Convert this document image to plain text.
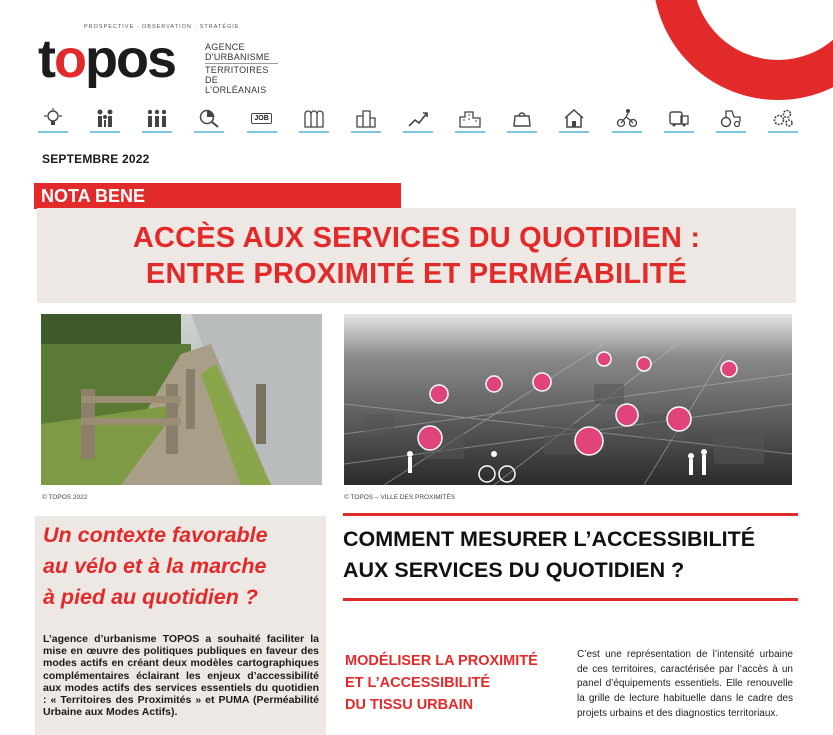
PROSPECTIVE · OBSERVATION · STRATÉGIE
topos	AGENCE
D'URBANISME
TERRITOIRES
DE L'ORLÉANAIS
JOB
SEPTEMBRE 2022
NOTA BENE
ACCÈS AUX SERVICES DU QUOTIDIEN :
ENTRE PROXIMITÉ ET PERMÉABILITÉ
© TOPOS 2022	© TOPOS – VILLE DES PROXIMITÉS
Un contexte favorable
au vélo et à la marche
à pied au quotidien ?
L’agence d’urbanisme TOPOS a souhaité faciliter la mise en œuvre des politiques publiques en faveur des modes actifs en créant deux modèles cartographiques complémentaires éclairant les enjeux d’accessibilité aux modes actifs des services essentiels du quotidien : « Territoires des Proximités » et PUMA (Perméabilité Urbaine aux Modes Actifs).
COMMENT MESURER L’ACCESSIBILITÉ
AUX SERVICES DU QUOTIDIEN ?
MODÉLISER LA PROXIMITÉ
ET L’ACCESSIBILITÉ
DU TISSU URBAIN
C’est une représentation de l’intensité urbaine de ces territoires, caractérisée par l’accès à un panel d’équipements essentiels. Elle renouvelle la grille de lecture habituelle dans le cadre des projets urbains et des diagnostics territoriaux.
